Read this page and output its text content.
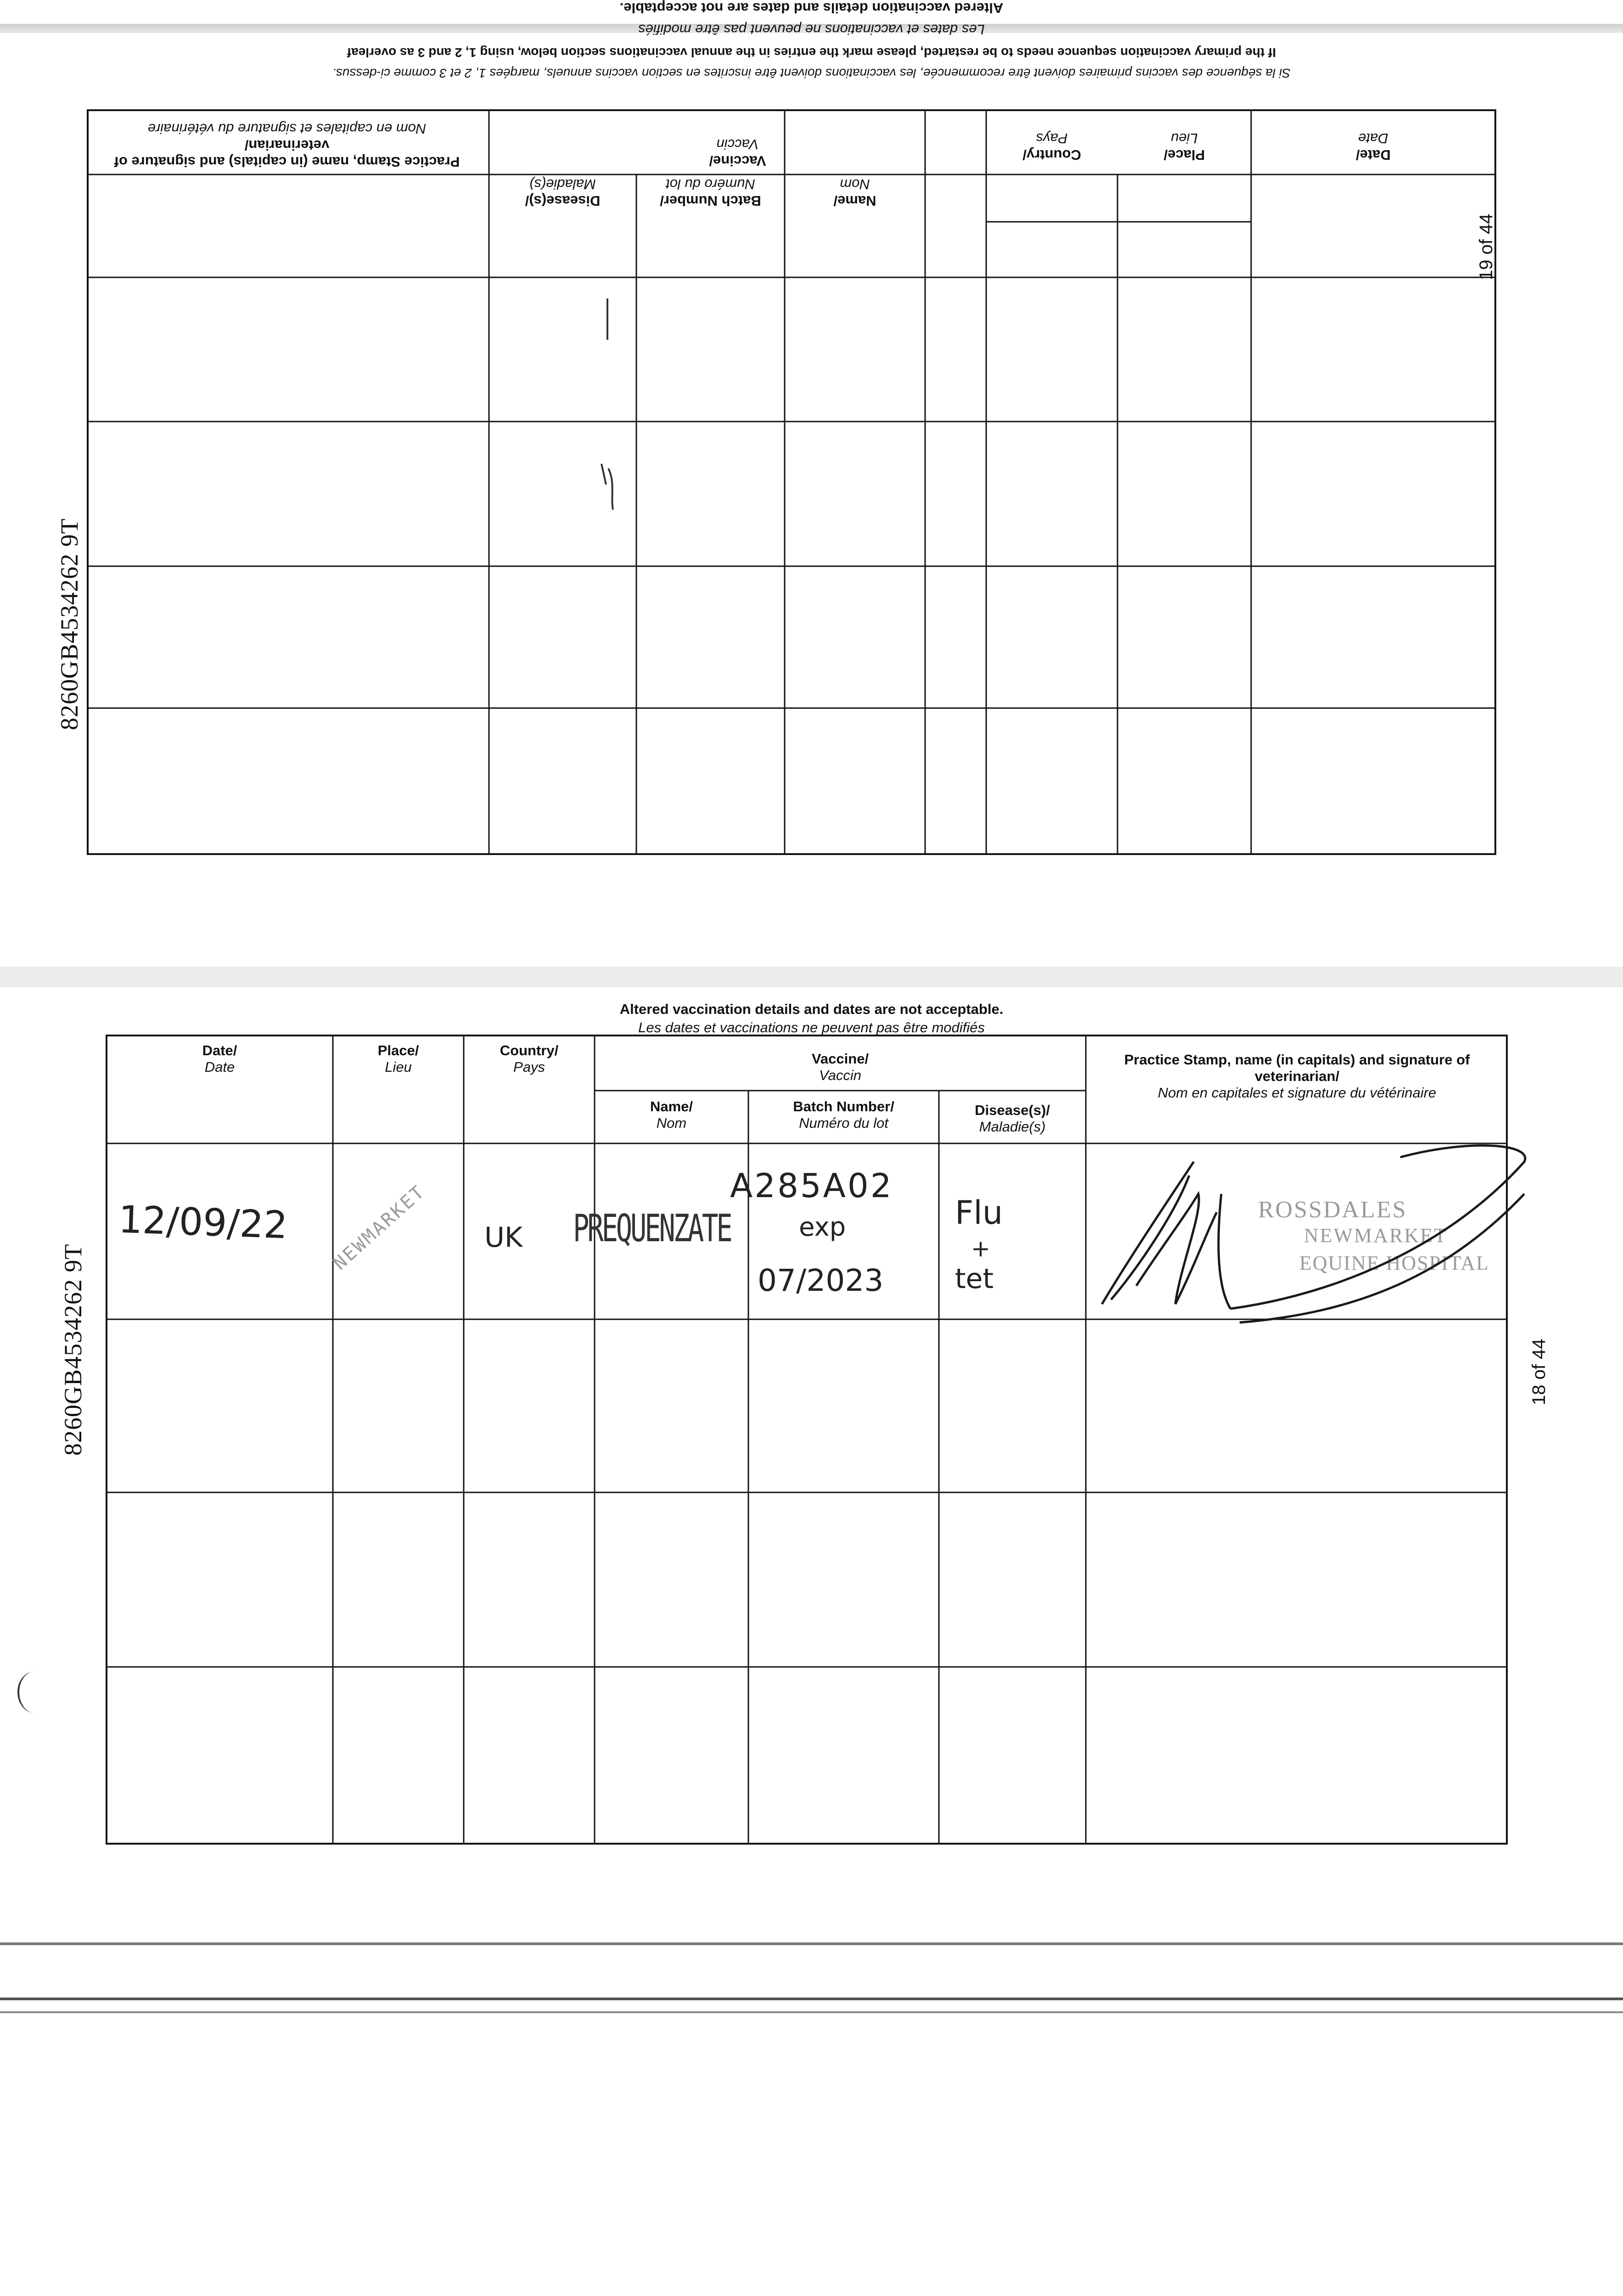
8260GB4534262 9T
8260GB4534262 9T
19 of 44
Altered vaccination details and dates are not acceptable.
Les dates et vaccinations ne peuvent pas être modifiés
If the primary vaccination sequence needs to be restarted, please mark the entries in the annual vaccinations section below, using 1, 2 and 3 as overleaf
Si la séquence des vaccins primaires doivent être recommencée, les vaccinations doivent être inscrites en section vaccins annuels, marqées 1, 2 et 3 comme ci-dessus.
Date/
Date
Place/
Lieu
Country/
Pays
Vaccine/
Vaccin
Name/
Nom
Batch Number/
Numéro du lot
Disease(s)/
Maladie(s)
Practice Stamp, name (in capitals) and signature of veterinarian/
Nom en capitales et signature du vétérinaire
18 of 44
Altered vaccination details and dates are not acceptable.
Les dates et vaccinations ne peuvent pas être modifiés
Date/
Date
Place/
Lieu
Country/
Pays
Vaccine/
Vaccin
Name/
Nom
Batch Number/
Numéro du lot
Disease(s)/
Maladie(s)
Practice Stamp, name (in capitals) and signature of veterinarian/
Nom en capitales et signature du vétérinaire
12/09/22 NEWMARKET UK PREQUENZATE
A285A02
exp
07/2023
Flu
+
tet
ROSSDALES
NEWMARKET
EQUINE HOSPITAL
